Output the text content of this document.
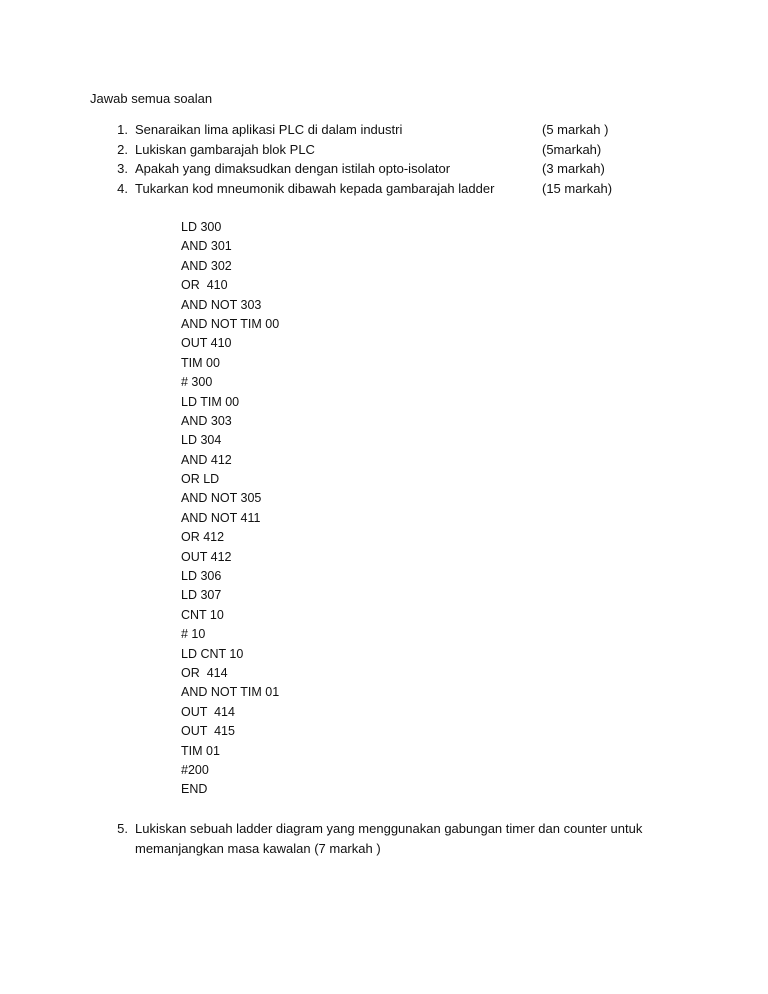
Jawab semua soalan
1. Senaraikan lima aplikasi PLC di dalam industri	(5 markah )
2. Lukiskan gambarajah blok PLC	(5markah)
3. Apakah yang dimaksudkan dengan istilah opto-isolator	(3 markah)
4. Tukarkan kod mneumonik dibawah kepada gambarajah ladder	(15 markah)
LD 300
AND 301
AND 302
OR  410
AND NOT 303
AND NOT TIM 00
OUT 410
TIM 00
# 300
LD TIM 00
AND 303
LD 304
AND 412
OR LD
AND NOT 305
AND NOT 411
OR 412
OUT 412
LD 306
LD 307
CNT 10
# 10
LD CNT 10
OR  414
AND NOT TIM 01
OUT  414
OUT  415
TIM 01
#200
END
5. Lukiskan sebuah ladder diagram yang menggunakan gabungan timer dan counter untuk
memanjangkan masa kawalan (7 markah )
